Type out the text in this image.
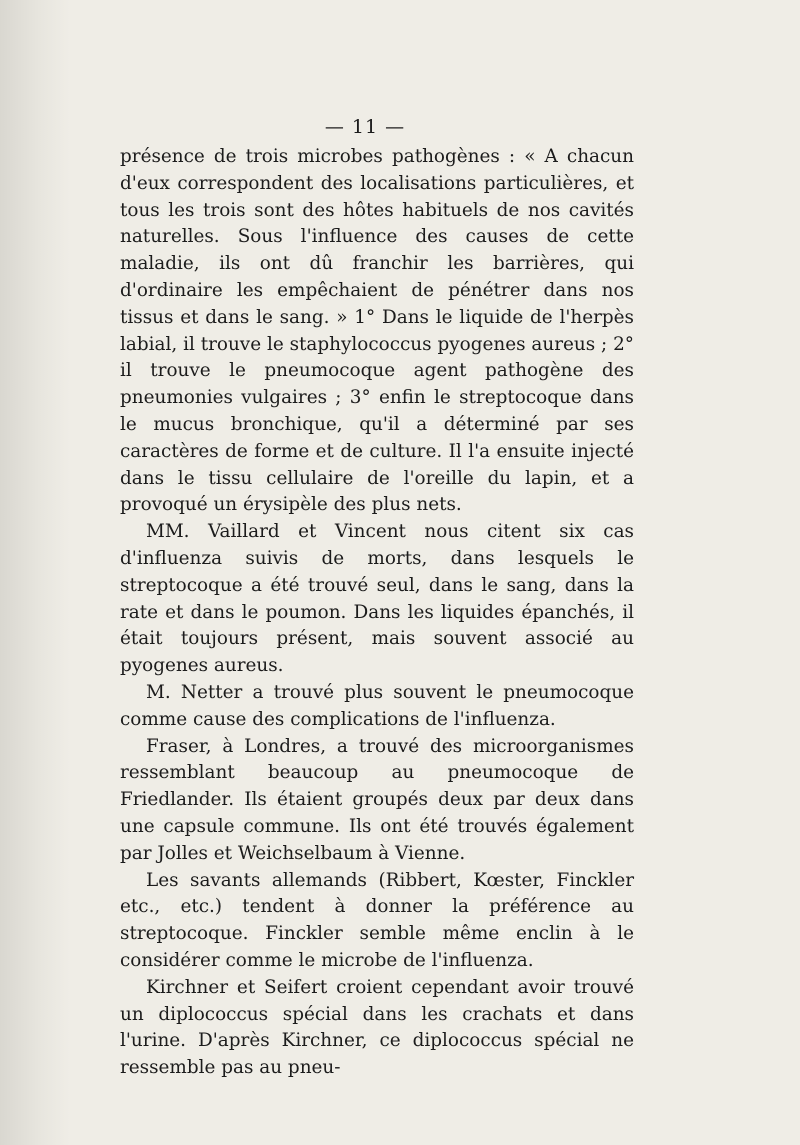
— 11 —

présence de trois microbes pathogènes : « A chacun d'eux correspondent des localisations particulières, et tous les trois sont des hôtes habituels de nos cavités naturelles. Sous l'influence des causes de cette maladie, ils ont dû franchir les barrières, qui d'ordinaire les empêchaient de pénétrer dans nos tissus et dans le sang. » 1° Dans le liquide de l'herpès labial, il trouve le staphylococcus pyogenes aureus ; 2° il trouve le pneumocoque agent pathogène des pneumonies vulgaires ; 3° enfin le streptocoque dans le mucus bronchique, qu'il a déterminé par ses caractères de forme et de culture. Il l'a ensuite injecté dans le tissu cellulaire de l'oreille du lapin, et a provoqué un érysipèle des plus nets.

MM. Vaillard et Vincent nous citent six cas d'influenza suivis de morts, dans lesquels le streptocoque a été trouvé seul, dans le sang, dans la rate et dans le poumon. Dans les liquides épanchés, il était toujours présent, mais souvent associé au pyogenes aureus.

M. Netter a trouvé plus souvent le pneumocoque comme cause des complications de l'influenza.

Fraser, à Londres, a trouvé des microorganismes ressemblant beaucoup au pneumocoque de Friedlander. Ils étaient groupés deux par deux dans une capsule commune. Ils ont été trouvés également par Jolles et Weichselbaum à Vienne.

Les savants allemands (Ribbert, Kœster, Finckler etc., etc.) tendent à donner la préférence au streptocoque. Finckler semble même enclin à le considérer comme le microbe de l'influenza.

Kirchner et Seifert croient cependant avoir trouvé un diplococcus spécial dans les crachats et dans l'urine. D'après Kirchner, ce diplococcus spécial ne ressemble pas au pneu-
